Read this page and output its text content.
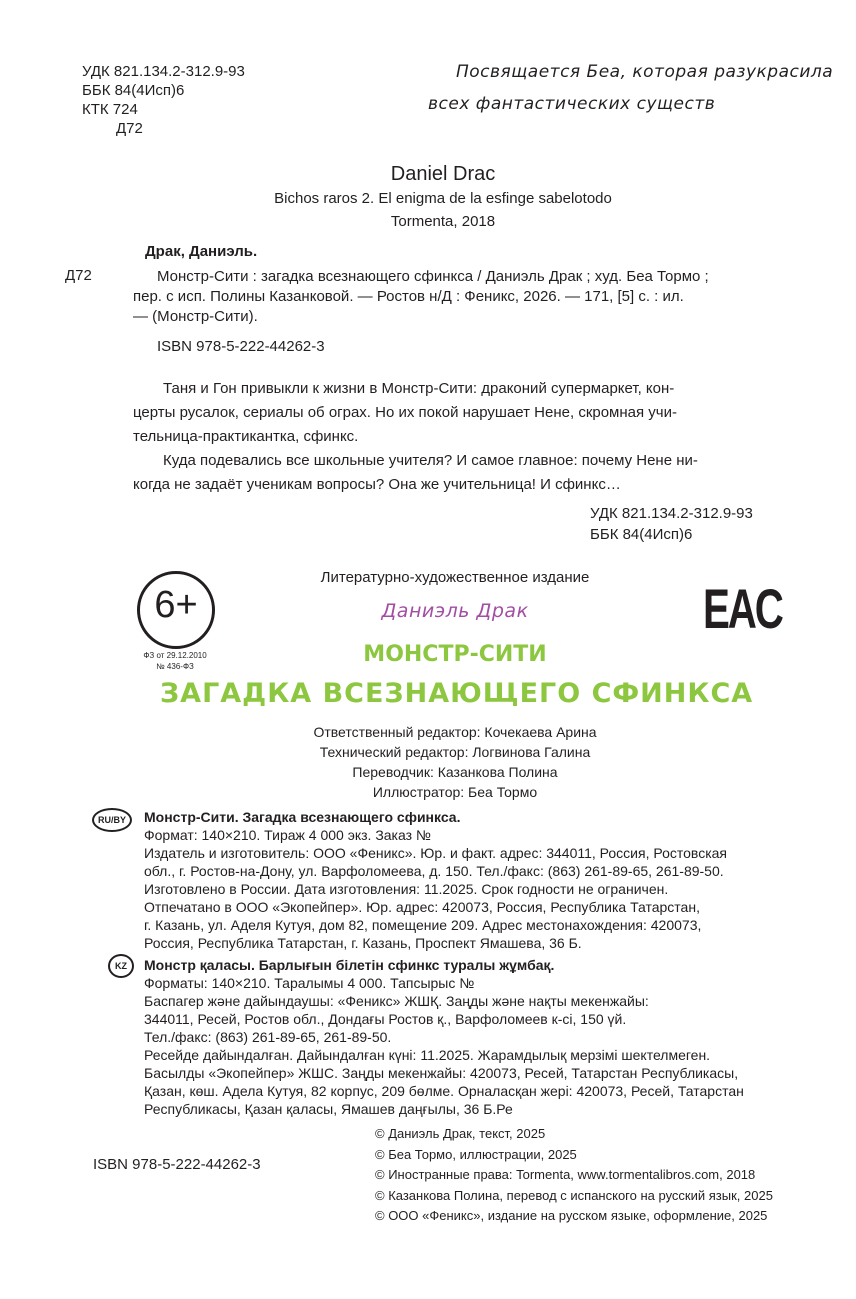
УДК 821.134.2-312.9-93
ББК 84(4Исп)6
КТК 724
Д72
Посвящается Беа, которая разукрасила
всех фантастических существ
Daniel Drac
Bichos raros 2. El enigma de la esfinge sabelotodo
Tormenta, 2018
Драк, Даниэль.
Д72	Монстр-Сити : загадка всезнающего сфинкса / Даниэль Драк ; худ. Беа Тормо ;
пер. с исп. Полины Казанковой. — Ростов н/Д : Феникс, 2026. — 171, [5] с. : ил.
— (Монстр-Сити).
ISBN 978-5-222-44262-3
Таня и Гон привыкли к жизни в Монстр-Сити: драконий супермаркет, кон-
церты русалок, сериалы об ограх. Но их покой нарушает Нене, скромная учи-
тельница-практикантка, сфинкс.
Куда подевались все школьные учителя? И самое главное: почему Нене ни-
когда не задаёт ученикам вопросы? Она же учительница! И сфинкс…
УДК 821.134.2-312.9-93
ББК 84(4Исп)6
6+
ФЗ от 29.12.2010
№ 436-ФЗ
EAC
Литературно-художественное издание
Даниэль Драк
МОНСТР-СИТИ
ЗАГАДКА ВСЕЗНАЮЩЕГО СФИНКСА
Ответственный редактор: Кочекаева Арина
Технический редактор: Логвинова Галина
Переводчик: Казанкова Полина
Иллюстратор: Беа Тормо
RU/BY	Монстр-Сити. Загадка всезнающего сфинкса.
Формат: 140×210. Тираж 4 000 экз. Заказ №
Издатель и изготовитель: ООО «Феникс». Юр. и факт. адрес: 344011, Россия, Ростовская
обл., г. Ростов-на-Дону, ул. Варфоломеева, д. 150. Тел./факс: (863) 261-89-65, 261-89-50.
Изготовлено в России. Дата изготовления: 11.2025. Срок годности не ограничен.
Отпечатано в ООО «Экопейпер». Юр. адрес: 420073, Россия, Республика Татарстан,
г. Казань, ул. Аделя Кутуя, дом 82, помещение 209. Адрес местонахождения: 420073,
Россия, Республика Татарстан, г. Казань, Проспект Ямашева, 36 Б.
KZ	Монстр қаласы. Барлығын білетін сфинкс туралы жұмбақ.
Форматы: 140×210. Таралымы 4 000. Тапсырыс №
Баспагер және дайындаушы: «Феникс» ЖШҚ. Заңды және нақты мекенжайы:
344011, Ресей, Ростов обл., Дондағы Ростов қ., Варфоломеев к-сі, 150 үй.
Тел./факс: (863) 261-89-65, 261-89-50.
Ресейде дайындалған. Дайындалған күні: 11.2025. Жарамдылық мерзімі шектелмеген.
Басылды «Экопейпер» ЖШС. Заңды мекенжайы: 420073, Ресей, Татарстан Республикасы,
Қазан, көш. Адела Кутуя, 82 корпус, 209 бөлме. Орналасқан жері: 420073, Ресей, Татарстан
Республикасы, Қазан қаласы, Ямашев даңғылы, 36 Б.Ре
ISBN 978-5-222-44262-3
© Даниэль Драк, текст, 2025
© Беа Тормо, иллюстрации, 2025
© Иностранные права: Tormenta, www.tormentalibros.com, 2018
© Казанкова Полина, перевод с испанского на русский язык, 2025
© ООО «Феникс», издание на русском языке, оформление, 2025
